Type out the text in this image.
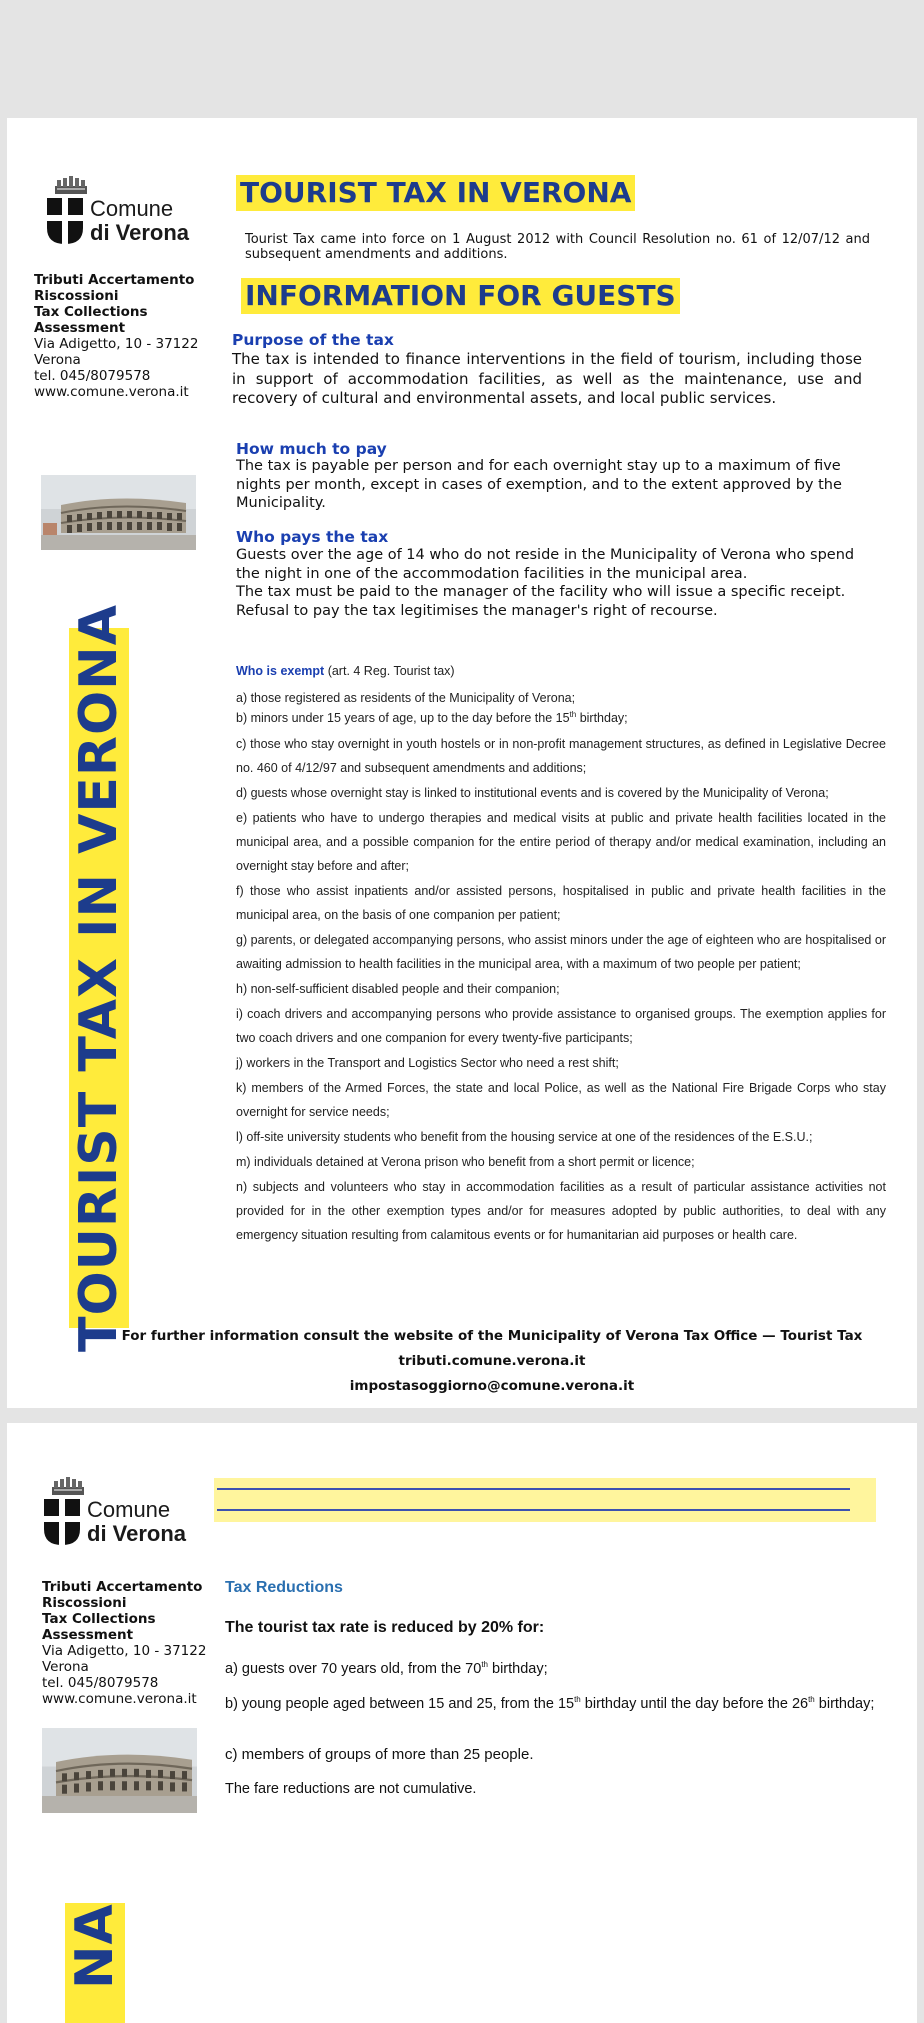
Comune
di Verona
Tributi Accertamento
Riscossioni
Tax Collections
Assessment
Via Adigetto, 10 - 37122
Verona
tel. 045/8079578
www.comune.verona.it
TOURIST TAX IN VERONA
TOURIST TAX IN VERONA
Tourist Tax came into force on 1 August 2012 with Council Resolution no. 61 of 12/07/12 and subsequent amendments and additions.
INFORMATION FOR GUESTS
Purpose of the tax
The tax is intended to finance interventions in the field of tourism, including those in support of accommodation facilities, as well as the maintenance, use and recovery of cultural and environmental assets, and local public services.
How much to pay
The tax is payable per person and for each overnight stay up to a maximum of five nights per month, except in cases of exemption, and to the extent approved by the Municipality.
Who pays the tax
Guests over the age of 14 who do not reside in the Municipality of Verona who spend the night in one of the accommodation facilities in the municipal area.
The tax must be paid to the manager of the facility who will issue a specific receipt.
Refusal to pay the tax legitimises the manager's right of recourse.
Who is exempt (art. 4 Reg. Tourist tax)
a) those registered as residents of the Municipality of Verona;
b) minors under 15 years of age, up to the day before the 15th birthday;
c) those who stay overnight in youth hostels or in non-profit management structures, as defined in Legislative Decree no. 460 of 4/12/97 and subsequent amendments and additions;
d) guests whose overnight stay is linked to institutional events and is covered by the Municipality of Verona;
e) patients who have to undergo therapies and medical visits at public and private health facilities located in the municipal area, and a possible companion for the entire period of therapy and/or medical examination, including an overnight stay before and after;
f) those who assist inpatients and/or assisted persons, hospitalised in public and private health facilities in the municipal area, on the basis of one companion per patient;
g) parents, or delegated accompanying persons, who assist minors under the age of eighteen who are hospitalised or awaiting admission to health facilities in the municipal area, with a maximum of two people per patient;
h) non-self-sufficient disabled people and their companion;
i) coach drivers and accompanying persons who provide assistance to organised groups. The exemption applies for two coach drivers and one companion for every twenty-five participants;
j) workers in the Transport and Logistics Sector who need a rest shift;
k) members of the Armed Forces, the state and local Police, as well as the National Fire Brigade Corps who stay overnight for service needs;
l) off-site university students who benefit from the housing service at one of the residences of the E.S.U.;
m) individuals detained at Verona prison who benefit from a short permit or licence;
n) subjects and volunteers who stay in accommodation facilities as a result of particular assistance activities not provided for in the other exemption types and/or for measures adopted by public authorities, to deal with any emergency situation resulting from calamitous events or for humanitarian aid purposes or health care.
For further information consult the website of the Municipality of Verona Tax Office — Tourist Tax
tributi.comune.verona.it
impostasoggiorno@comune.verona.it
Comune
di Verona
Tributi Accertamento
Riscossioni
Tax Collections
Assessment
Via Adigetto, 10 - 37122
Verona
tel. 045/8079578
www.comune.verona.it
Tax Reductions
The tourist tax rate is reduced by 20% for:
a) guests over 70 years old, from the 70th birthday;
b) young people aged between 15 and 25, from the 15th birthday until the day before the 26th birthday;
c) members of groups of more than 25 people.
The fare reductions are not cumulative.
NA
